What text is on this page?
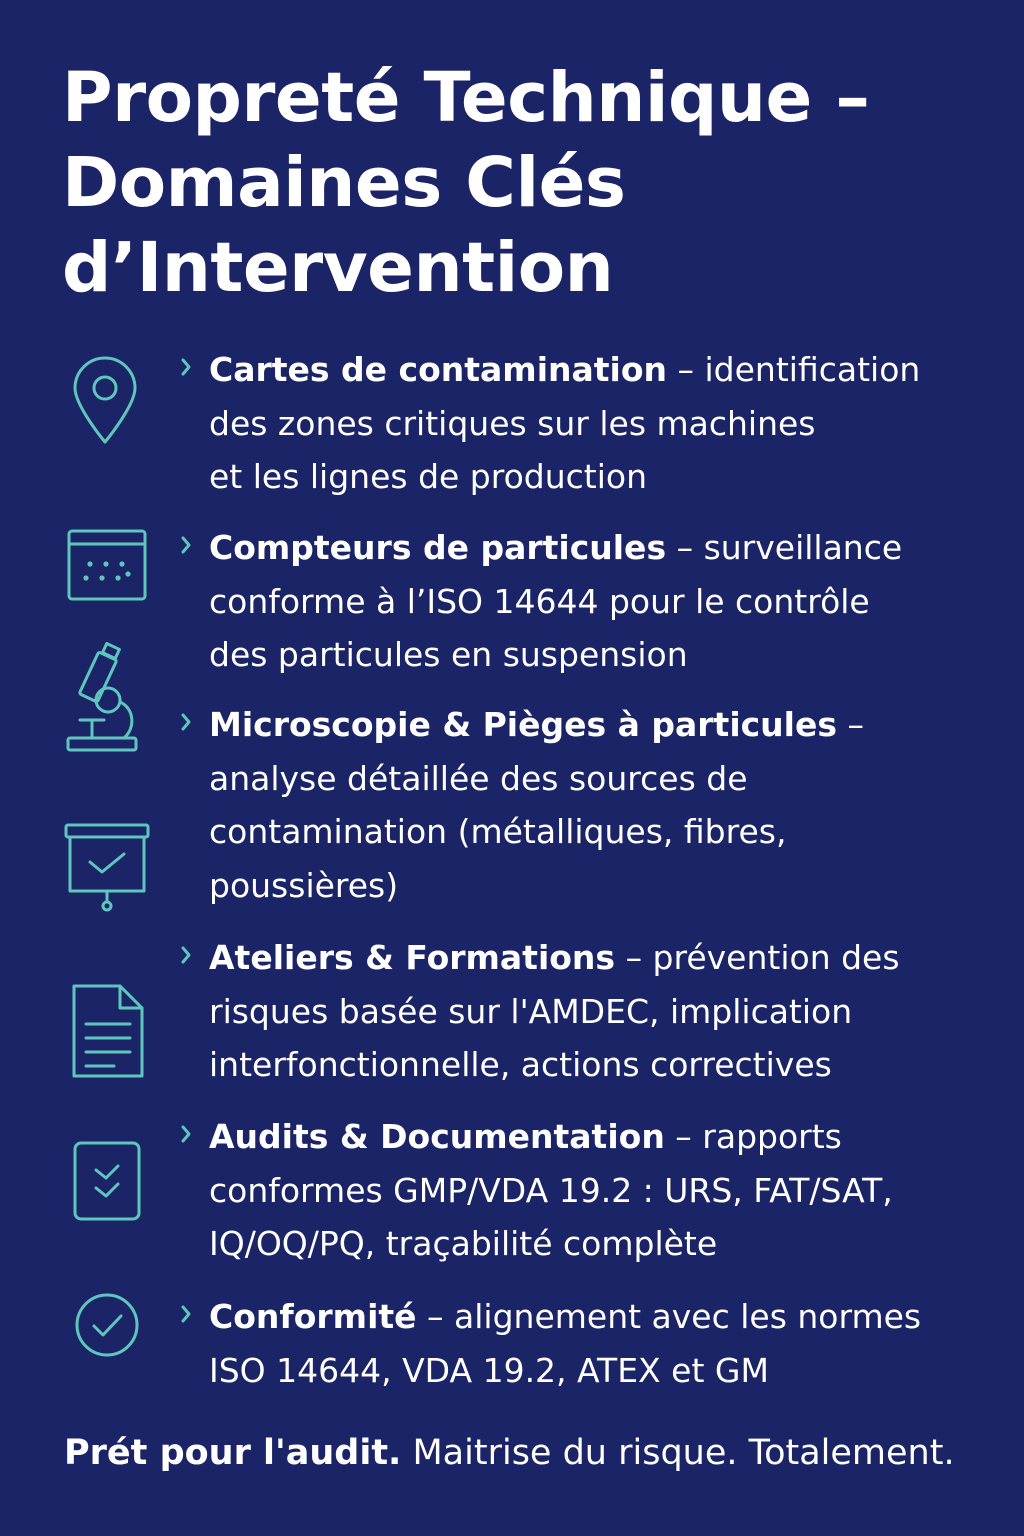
Propreté Technique –
Domaines Clés
d’Intervention
Cartes de contamination – identification
des zones critiques sur les machines
et les lignes de production
Compteurs de particules – surveillance
conforme à l’ISO 14644 pour le contrôle
des particules en suspension
Microscopie & Pièges à particules –
analyse détaillée des sources de
contamination (métalliques, fibres,
poussières)
Ateliers & Formations – prévention des
risques basée sur l'AMDEC, implication
interfonctionnelle, actions correctives
Audits & Documentation – rapports
conformes GMP/VDA 19.2 : URS, FAT/SAT,
IQ/OQ/PQ, traçabilité complète
Conformité – alignement avec les normes
ISO 14644, VDA 19.2, ATEX et GM
Prét pour l'audit. Maitrise du risque. Totalement.
